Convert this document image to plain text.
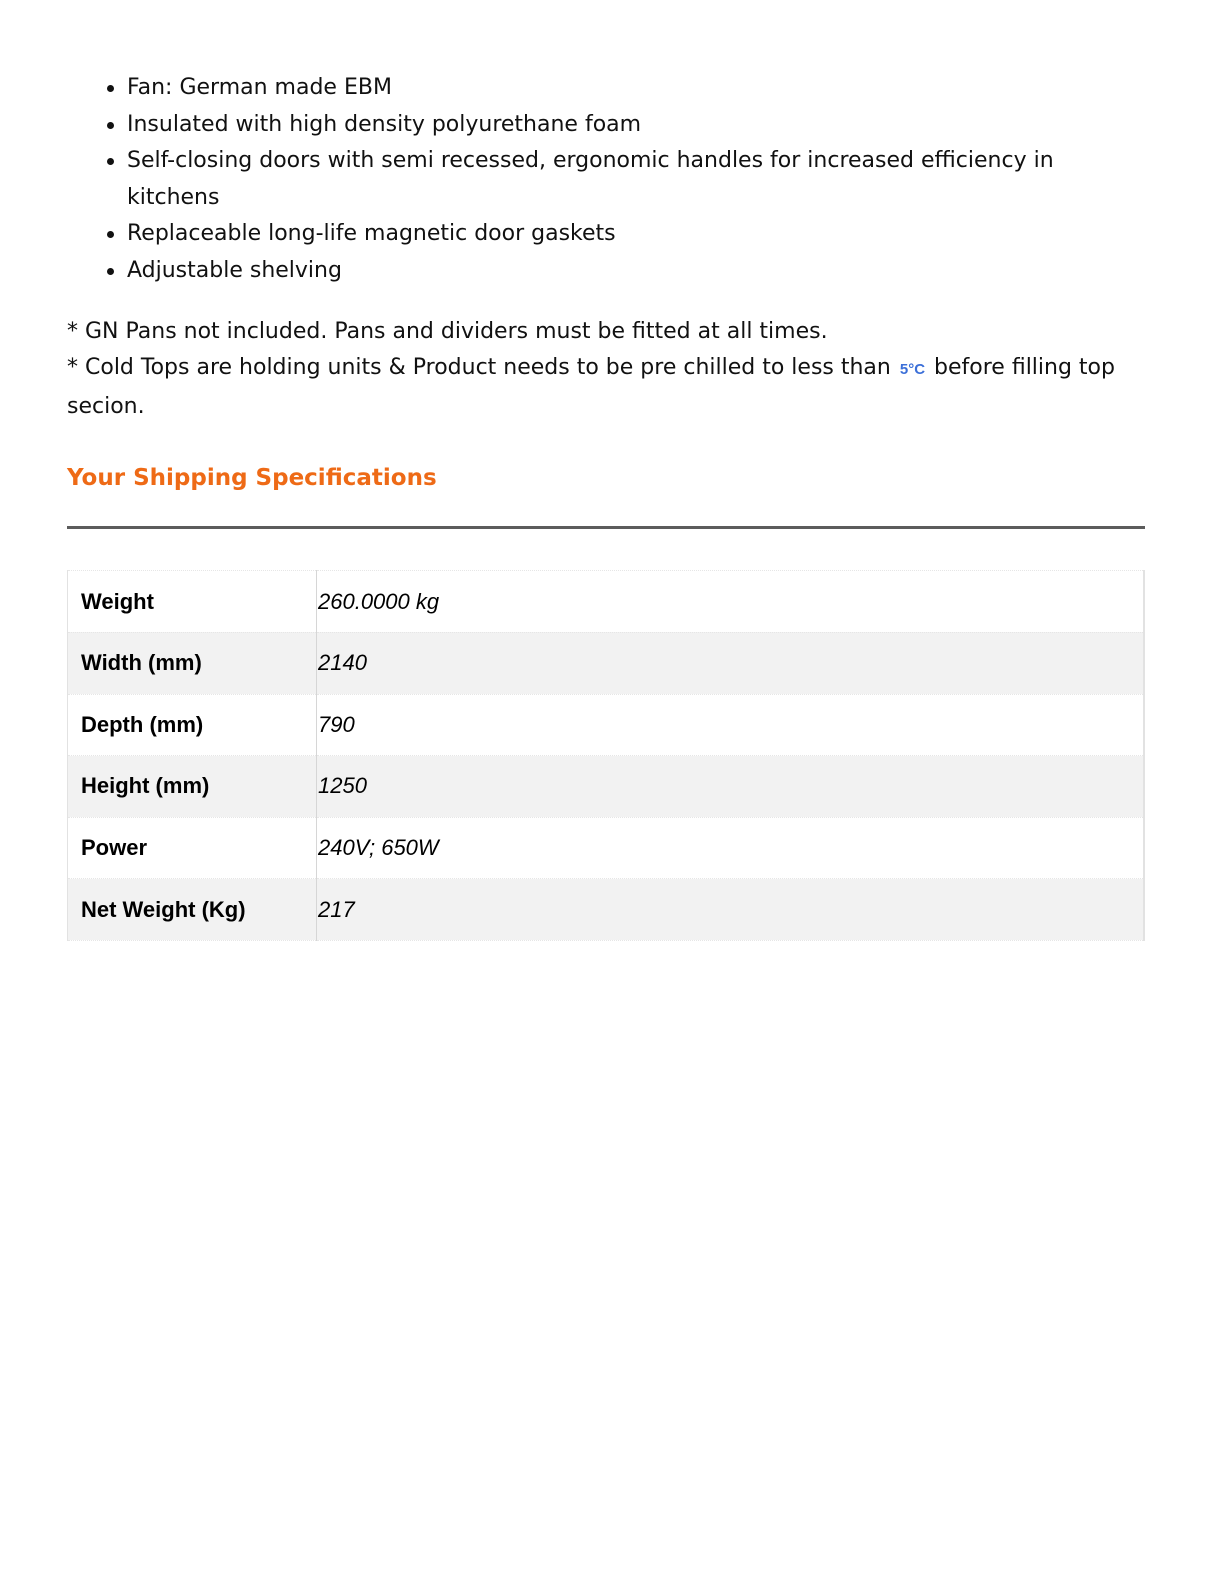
Fan: German made EBM
Insulated with high density polyurethane foam
Self-closing doors with semi recessed, ergonomic handles for increased efficiency in kitchens
Replaceable long-life magnetic door gaskets
Adjustable shelving

* GN Pans not included. Pans and dividers must be fitted at all times.

* Cold Tops are holding units & Product needs to be pre chilled to less than 5°C before filling top secion.

Your Shipping Specifications
Weight	260.0000 kg
Width (mm)	2140
Depth (mm)	790
Height (mm)	1250
Power	240V; 650W
Net Weight (Kg)	217
